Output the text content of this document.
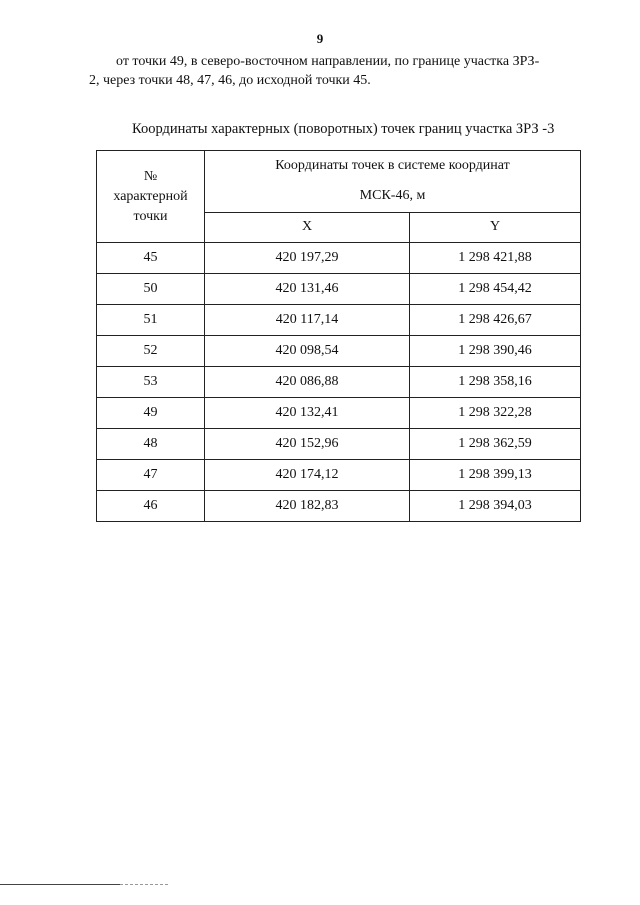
9
от точки 49, в северо-восточном направлении, по границе участка ЗРЗ-
2, через точки 48, 47, 46, до исходной точки 45.
Координаты характерных (поворотных) точек границ участка ЗРЗ -3
№
характерной
точки	Координаты точек в системе координат
МСК-46, м	

	X	Y
45	420 197,29	1 298 421,88
50	420 131,46	1 298 454,42
51	420 117,14	1 298 426,67
52	420 098,54	1 298 390,46
53	420 086,88	1 298 358,16
49	420 132,41	1 298 322,28
48	420 152,96	1 298 362,59
47	420 174,12	1 298 399,13
46	420 182,83	1 298 394,03
